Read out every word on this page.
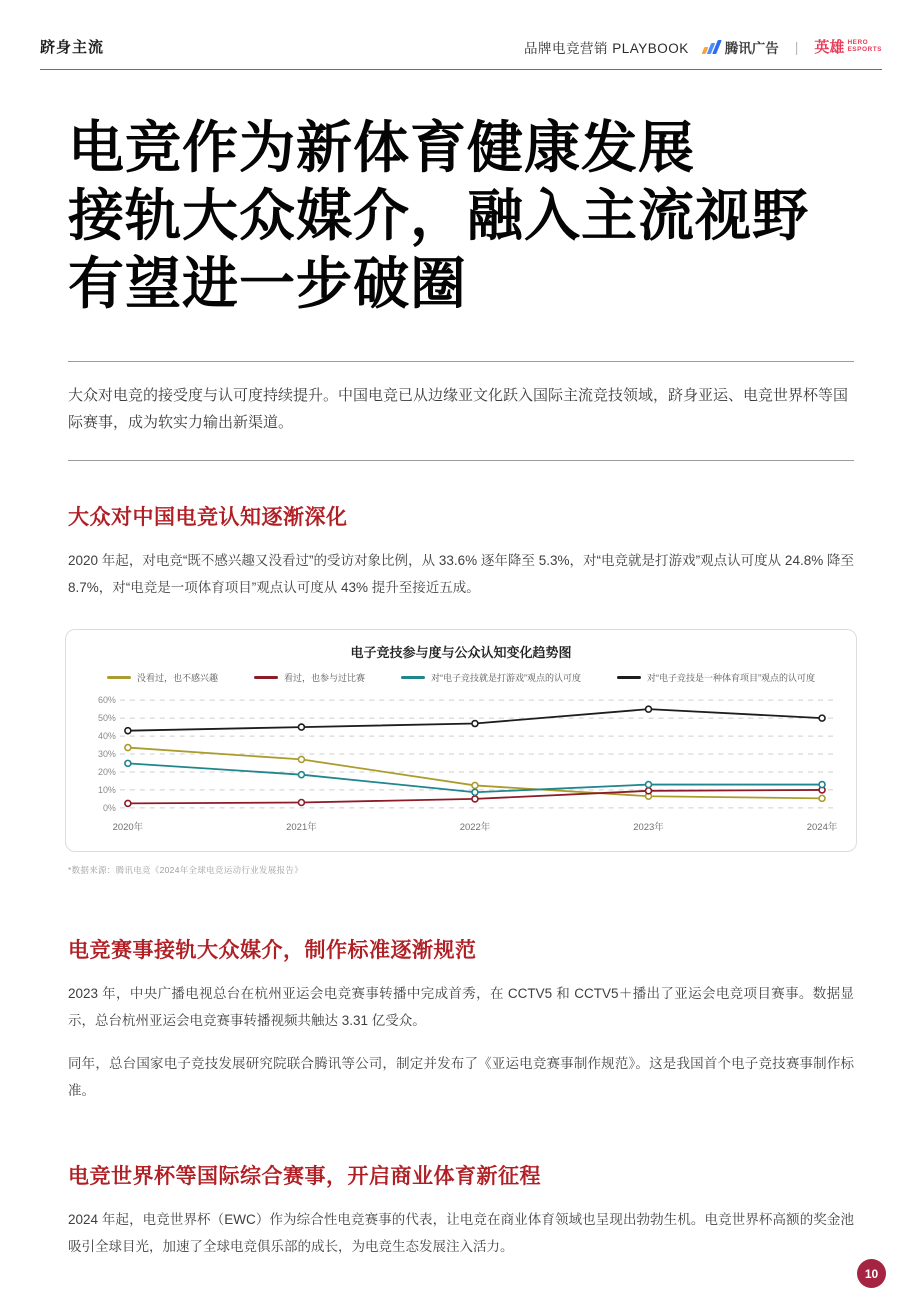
跻身主流	品牌电竞营销 PLAYBOOK	腾讯广告 | 英雄 HERO
ESPORTS
电竞作为新体育健康发展
接轨大众媒介，融入主流视野
有望进一步破圈

大众对电竞的接受度与认可度持续提升。中国电竞已从边缘亚文化跃入国际主流竞技领域，跻身亚运、电竞世界杯等国际赛事，成为软实力输出新渠道。

大众对中国电竞认知逐渐深化

2020 年起，对电竞“既不感兴趣又没看过”的受访对象比例，从 33.6% 逐年降至 5.3%，对“电竞就是打游戏”观点认可度从 24.8% 降至 8.7%，对“电竞是一项体育项目”观点认可度从 43% 提升至接近五成。

电子竞技参与度与公众认知变化趋势图
没看过，也不感兴趣	看过，也参与过比赛	对“电子竞技就是打游戏”观点的认可度	对“电子竞技是一种体育项目”观点的认可度
0%
10%
20%
30%
40%
50%
60%
2020年	2021年	2022年	2023年	2024年
*数据来源：腾讯电竞《2024年全球电竞运动行业发展报告》
电竞赛事接轨大众媒介，制作标准逐渐规范

2023 年，中央广播电视总台在杭州亚运会电竞赛事转播中完成首秀，在 CCTV5 和 CCTV5＋播出了亚运会电竞项目赛事。数据显示，总台杭州亚运会电竞赛事转播视频共触达 3.31 亿受众。

同年，总台国家电子竞技发展研究院联合腾讯等公司，制定并发布了《亚运电竞赛事制作规范》。这是我国首个电子竞技赛事制作标准。

电竞世界杯等国际综合赛事，开启商业体育新征程

2024 年起，电竞世界杯（EWC）作为综合性电竞赛事的代表，让电竞在商业体育领域也呈现出勃勃生机。电竞世界杯高额的奖金池吸引全球目光，加速了全球电竞俱乐部的成长，为电竞生态发展注入活力。

10
